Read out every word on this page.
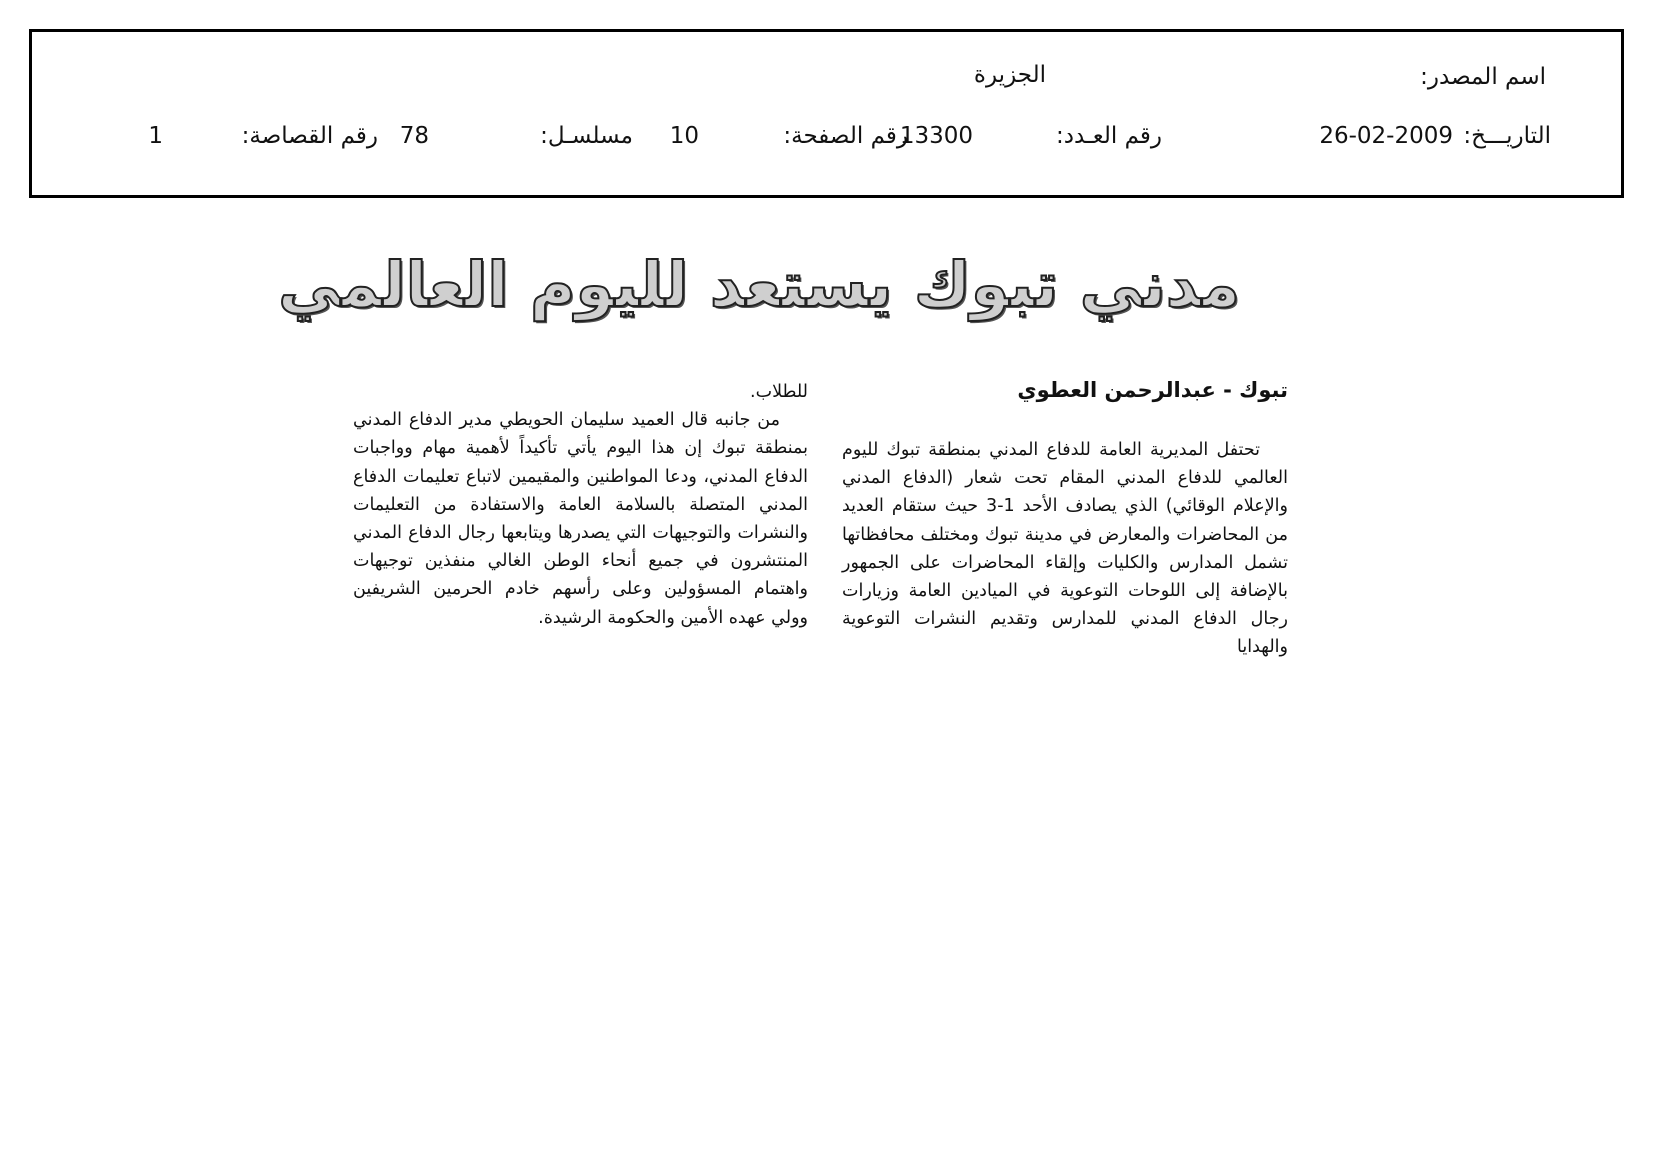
اسم المصدر:
الجزيرة
التاريـــخ:
26-02-2009
رقم العـدد:
13300
رقم الصفحة:
10
مسلسـل:
78
رقم القصاصة:
1
مدني تبوك يستعد لليوم العالمي
تبوك - عبدالرحمن العطوي

تحتفل المديرية العامة للدفاع المدني بمنطقة تبوك لليوم العالمي للدفاع المدني المقام تحت شعار (الدفاع المدني والإعلام الوقائي) الذي يصادف الأحد 1-3 حيث ستقام العديد من المحاضرات والمعارض في مدينة تبوك ومختلف محافظاتها تشمل المدارس والكليات وإلقاء المحاضرات على الجمهور بالإضافة إلى اللوحات التوعوية في الميادين العامة وزيارات رجال الدفاع المدني للمدارس وتقديم النشرات التوعوية والهدايا

للطلاب.

من جانبه قال العميد سليمان الحويطي مدير الدفاع المدني بمنطقة تبوك إن هذا اليوم يأتي تأكيداً لأهمية مهام وواجبات الدفاع المدني، ودعا المواطنين والمقيمين لاتباع تعليمات الدفاع المدني المتصلة بالسلامة العامة والاستفادة من التعليمات والنشرات والتوجيهات التي يصدرها ويتابعها رجال الدفاع المدني المنتشرون في جميع أنحاء الوطن الغالي منفذين توجيهات واهتمام المسؤولين وعلى رأسهم خادم الحرمين الشريفين وولي عهده الأمين والحكومة الرشيدة.
